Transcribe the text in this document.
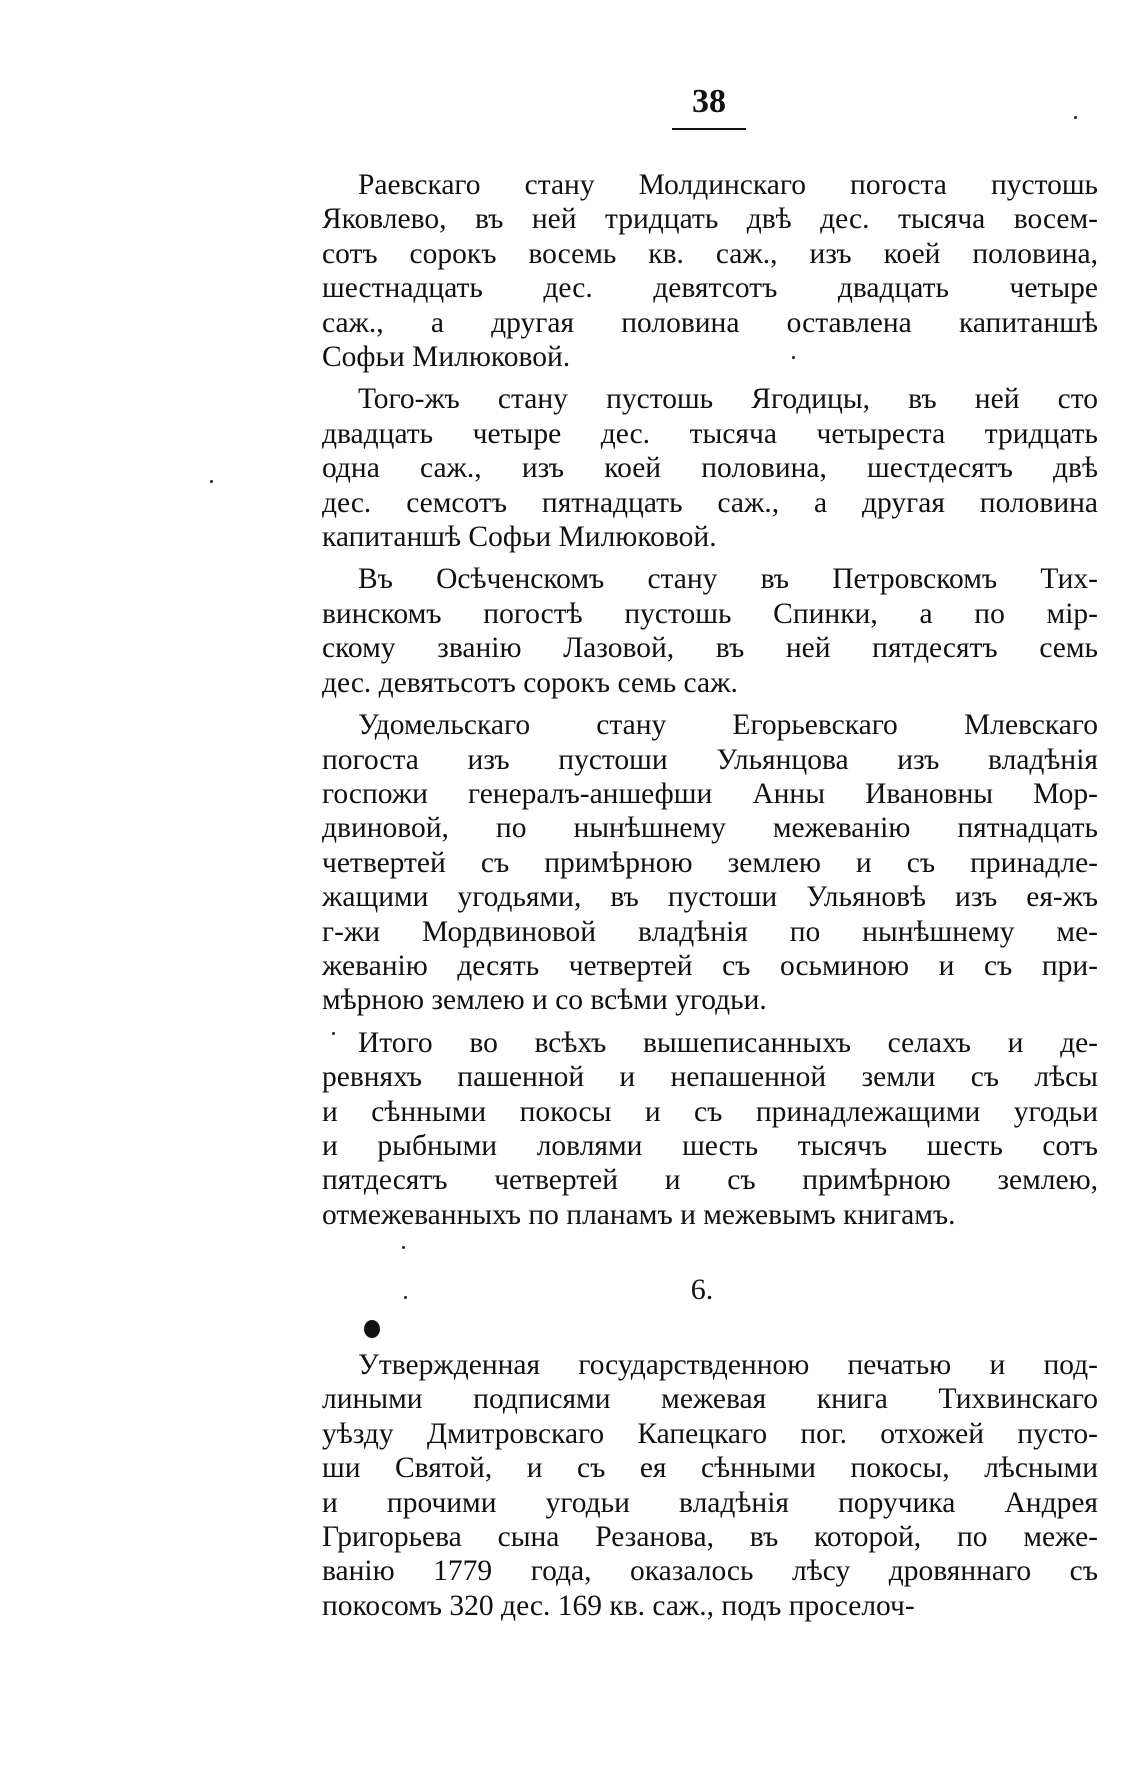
38

Раевскаго стану Молдинскаго погоста пустошь
Яковлево, въ ней тридцать двѣ дес. тысяча восем-
сотъ сорокъ восемь кв. саж., изъ коей половина,
шестнадцать дес. девятсотъ двадцать четыре
саж., а другая половина оставлена капитаншѣ
Софьи Милюковой.

Того-жъ стану пустошь Ягодицы, въ ней сто
двадцать четыре дес. тысяча четыреста тридцать
одна саж., изъ коей половина, шестдесятъ двѣ
дес. семсотъ пятнадцать саж., а другая половина
капитаншѣ Софьи Милюковой.

Въ Осѣченскомъ стану въ Петровскомъ Тих-
винскомъ погостѣ пустошь Спинки, а по мір-
скому званію Лазовой, въ ней пятдесятъ семь
дес. девятьсотъ сорокъ семь саж.

Удомельскаго стану Егорьевскаго Млевскаго
погоста изъ пустоши Ульянцова изъ владѣнія
госпожи генералъ-аншефши Анны Ивановны Мор-
двиновой, по нынѣшнему межеванію пятнадцать
четвертей съ примѣрною землею и съ принадле-
жащими угодьями, въ пустоши Ульяновѣ изъ ея-жъ
г-жи Мордвиновой владѣнія по нынѣшнему ме-
жеванію десять четвертей съ осьминою и съ при-
мѣрною землею и со всѣми угодьи.

Итого во всѣхъ вышеписанныхъ селахъ и де-
ревняхъ пашенной и непашенной земли съ лѣсы
и сѣнными покосы и съ принадлежащими угодьи
и рыбными ловлями шесть тысячъ шесть сотъ
пятдесятъ четвертей и съ примѣрною землею,
отмежеванныхъ по планамъ и межевымъ книгамъ.

6.

Утвержденная государствденною печатью и под-
лиными подписями межевая книга Тихвинскаго
уѣзду Дмитровскаго Капецкаго пог. отхожей пусто-
ши Святой, и съ ея сѣнными покосы, лѣсными
и прочими угодьи владѣнія поручика Андрея
Григорьева сына Резанова, въ которой, по меже-
ванію 1779 года, оказалось лѣсу дровяннаго съ
покосомъ 320 дес. 169 кв. саж., подъ проселоч-
